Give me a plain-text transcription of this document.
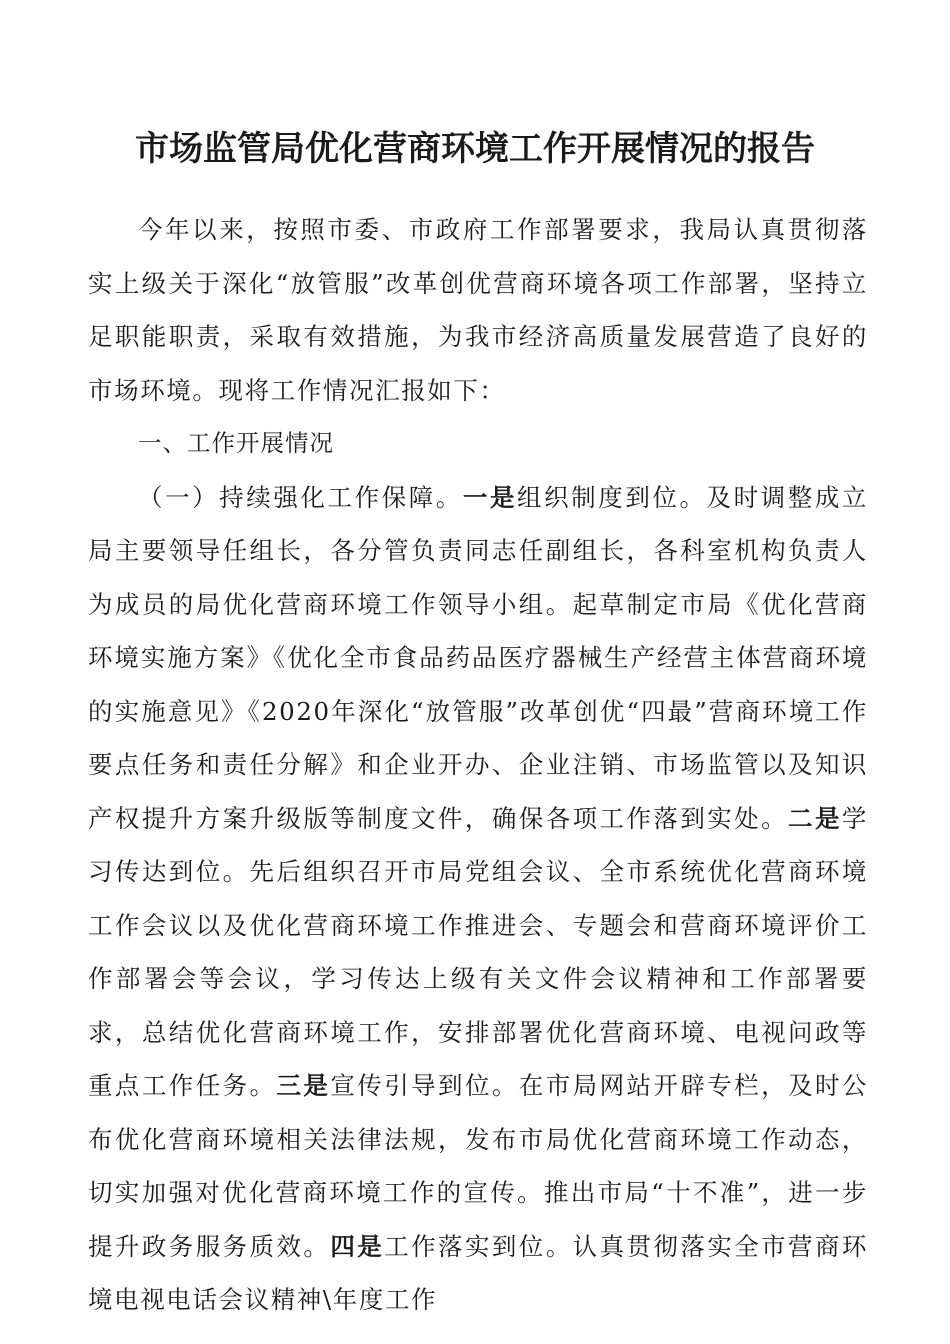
市场监管局优化营商环境工作开展情况的报告

今年以来，按照市委、市政府工作部署要求，我局认真贯彻落实上级关于深化“放管服”改革创优营商环境各项工作部署，坚持立足职能职责，采取有效措施，为我市经济高质量发展营造了良好的市场环境。现将工作情况汇报如下：

一、工作开展情况

（一）持续强化工作保障。一是组织制度到位。及时调整成立局主要领导任组长，各分管负责同志任副组长，各科室机构负责人为成员的局优化营商环境工作领导小组。起草制定市局《优化营商环境实施方案》《优化全市食品药品医疗器械生产经营主体营商环境的实施意见》《2020年深化“放管服”改革创优“四最”营商环境工作要点任务和责任分解》和企业开办、企业注销、市场监管以及知识产权提升方案升级版等制度文件，确保各项工作落到实处。二是学习传达到位。先后组织召开市局党组会议、全市系统优化营商环境工作会议以及优化营商环境工作推进会、专题会和营商环境评价工作部署会等会议，学习传达上级有关文件会议精神和工作部署要求，总结优化营商环境工作，安排部署优化营商环境、电视问政等重点工作任务。三是宣传引导到位。在市局网站开辟专栏，及时公布优化营商环境相关法律法规，发布市局优化营商环境工作动态，切实加强对优化营商环境工作的宣传。推出市局“十不准”，进一步提升政务服务质效。四是工作落实到位。认真贯彻落实全市营商环境电视电话会议精神\年度工作
